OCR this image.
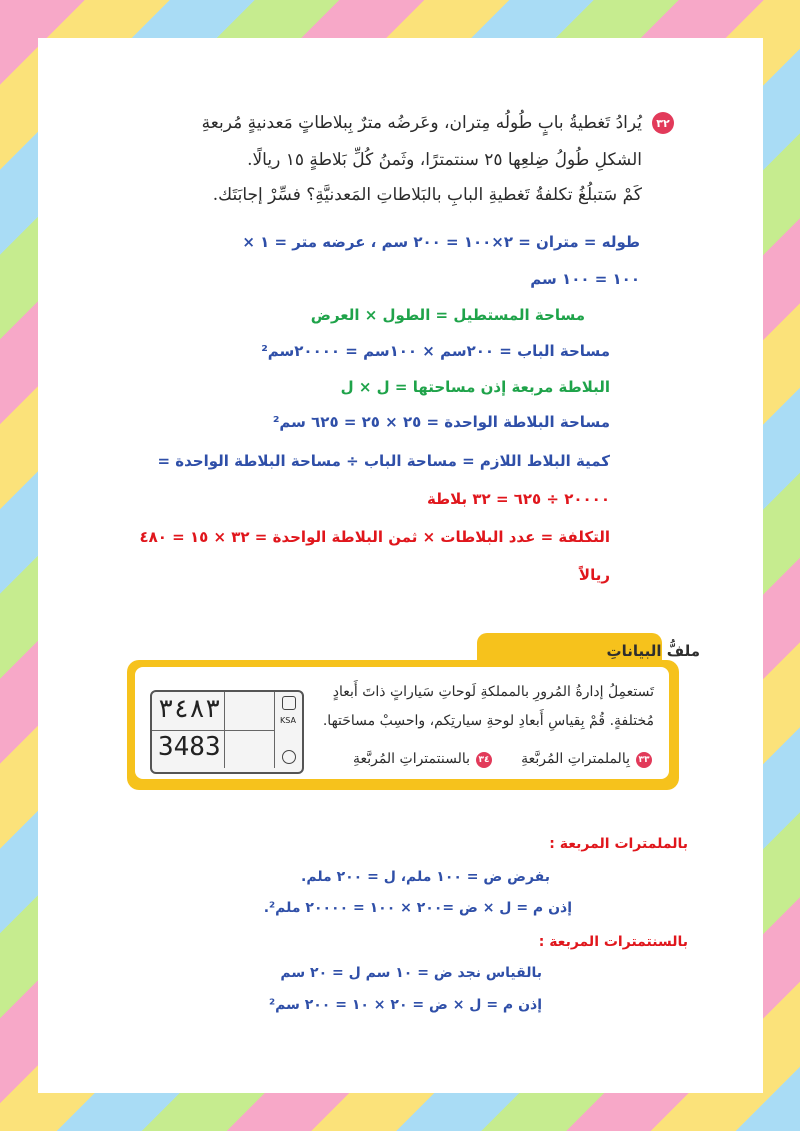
٣٢
يُرادُ تَغطيةُ بابٍ طُولُه مِتران، وعَرضُه مترٌ بِبلاطاتٍ مَعدنيةٍ مُربعةِ
الشكلِ طُولُ ضِلعِها ٢٥ سنتمترًا، وثَمنُ كُلِّ بَلاطةٍ ١٥ ريالًا.
كَمْ سَتبلُغُ تكلفةُ تَغطيةِ البابِ بالبَلاطاتِ المَعدنيَّةِ؟ فسِّرْ إجابَتَك.
طوله = متران = ٢×١٠٠ = ٢٠٠ سم ، عرضه متر = ١ ×
١٠٠ = ١٠٠ سم
مساحة المستطيل = الطول × العرض
مساحة الباب = ٢٠٠سم × ١٠٠سم = ٢٠٠٠٠سم²
البلاطة مربعة إذن مساحتها = ل × ل
مساحة البلاطة الواحدة = ٢٥ × ٢٥ = ٦٢٥ سم²
كمية البلاط اللازم = مساحة الباب ÷ مساحة البلاطة الواحدة =
٢٠٠٠٠ ÷ ٦٢٥ = ٣٢ بلاطة
التكلفة = عدد البلاطات × ثمن البلاطة الواحدة = ٣٢ × ١٥ = ٤٨٠
ريالاً
ملفُّ البياناتِ
تَستعمِلُ إدارةُ المُرورِ بالمملكةِ لَوحاتِ سَياراتٍ ذاتَ أَبعادٍ
مُختلفةٍ. قُمْ بِقياسِ أَبعادِ لوحةِ سيارتِكم، واحسِبْ مساحَتها.
٣٣
بِالملمتراتِ المُربَّعةِ
٣٤
بالسنتمتراتِ المُربَّعةِ
٣٤٨٣
3483
KSA
بالملمترات المربعة :
بفرض ض = ١٠٠ ملم، ل = ٢٠٠ ملم.
إذن م = ل × ض =٢٠٠ × ١٠٠ = ٢٠٠٠٠ ملم².
بالسنتمترات المربعة :
بالقياس نجد ض = ١٠ سم ل = ٢٠ سم
إذن م = ل × ض = ٢٠ × ١٠ = ٢٠٠ سم²
